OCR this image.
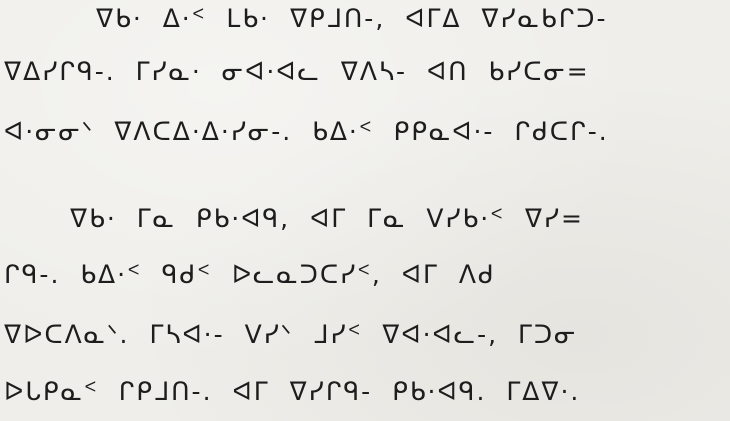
ᐁᑲ· ᐃ·ᑉ ᒪᑲ· ᐁᑭᒧᑎ-, ᐊᒥᐃ ᐁᓯᓇᑲᒋᑐ-
ᐁᐃᓯᒋᑫ-. ᒥᓯᓇ· ᓂᐊ·ᐊᓚ ᐁᐱᓴ- ᐊᑎ ᑲᓯᑕᓂ=
ᐊ·ᓂᓂᐠ ᐁᐱᑕᐃ·ᐃ·ᓯᓂ-. ᑲᐃ·ᑉ ᑭᑭᓇᐊ·- ᒋᑯᑕᒋ-.
ᐁᑲ· ᒥᓇ ᑭᑲ·ᐊᑫ, ᐊᒥ ᒥᓇ ᐯᓯᑲ·ᑉ ᐁᓯ=
ᒋᑫ-. ᑲᐃ·ᑉ ᑫᑯᑉ ᐅᓚᓇᑐᑕᓯᑉ, ᐊᒥ ᐱᑯ
ᐁᐅᑕᐱᓇᐠ. ᒥᓴᐊ·- ᐯᓯᐠ ᒧᓯᑉ ᐁᐊ·ᐊᓚ-, ᒥᑐᓂ
ᐅᒐᑭᓇᑉ ᒋᑭᒧᑎ-. ᐊᒥ ᐁᓯᒋᑫ- ᑭᑲ·ᐊᑫ. ᒥᐃᐁ·.
